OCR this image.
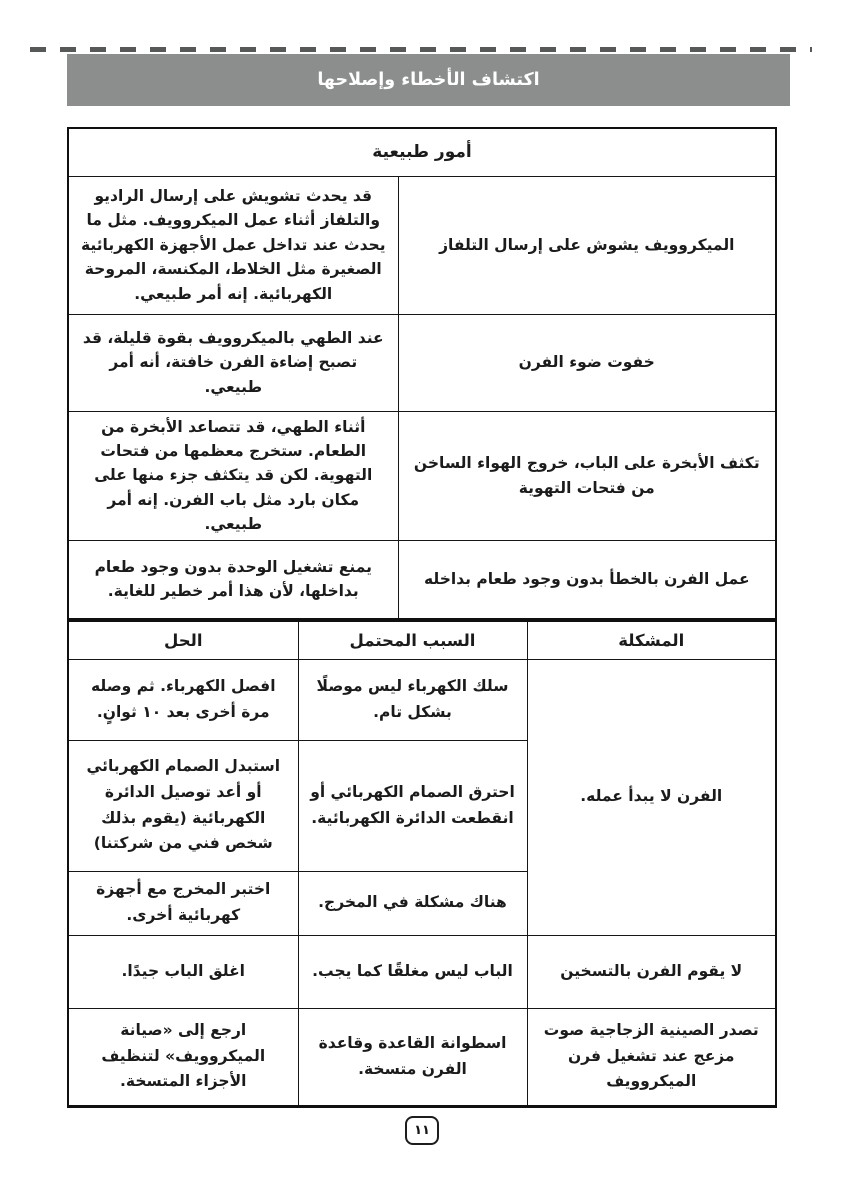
اكتشاف الأخطاء وإصلاحها
أمور طبيعية	
الميكروويف يشوش على إرسال التلفاز	قد يحدث تشويش على إرسال الراديو والتلفاز أثناء عمل الميكروويف. مثل ما يحدث عند تداخل عمل الأجهزة الكهربائية الصغيرة مثل الخلاط، المكنسة، المروحة الكهربائية. إنه أمر طبيعي.
خفوت ضوء الفرن	عند الطهي بالميكروويف بقوة قليلة، قد تصبح إضاءة الفرن خافتة، أنه أمر طبيعي.
تكثف الأبخرة على الباب، خروج الهواء الساخن من فتحات التهوية	أثناء الطهي، قد تتصاعد الأبخرة من الطعام. ستخرج معظمها من فتحات التهوية. لكن قد يتكثف جزء منها على مكان بارد مثل باب الفرن. إنه أمر طبيعي.
عمل الفرن بالخطأ بدون وجود طعام بداخله	يمنع تشغيل الوحدة بدون وجود طعام بداخلها، لأن هذا أمر خطير للغاية.
المشكلة	السبب المحتمل	الحل
الفرن لا يبدأ عمله.	سلك الكهرباء ليس موصلًا بشكل تام.	افصل الكهرباء. ثم وصله مرة أخرى بعد ١٠ ثوانٍ.
	احترق الصمام الكهربائي أو انقطعت الدائرة الكهربائية.	استبدل الصمام الكهربائي أو أعد توصيل الدائرة الكهربائية (يقوم بذلك شخص فني من شركتنا)
	هناك مشكلة في المخرج.	اختبر المخرج مع أجهزة كهربائية أخرى.
لا يقوم الفرن بالتسخين	الباب ليس مغلقًا كما يجب.	اغلق الباب جيدًا.
تصدر الصينية الزجاجية صوت مزعج عند تشغيل فرن الميكروويف	اسطوانة القاعدة وقاعدة الفرن متسخة.	ارجع إلى «صيانة الميكروويف» لتنظيف الأجزاء المتسخة.
١١
